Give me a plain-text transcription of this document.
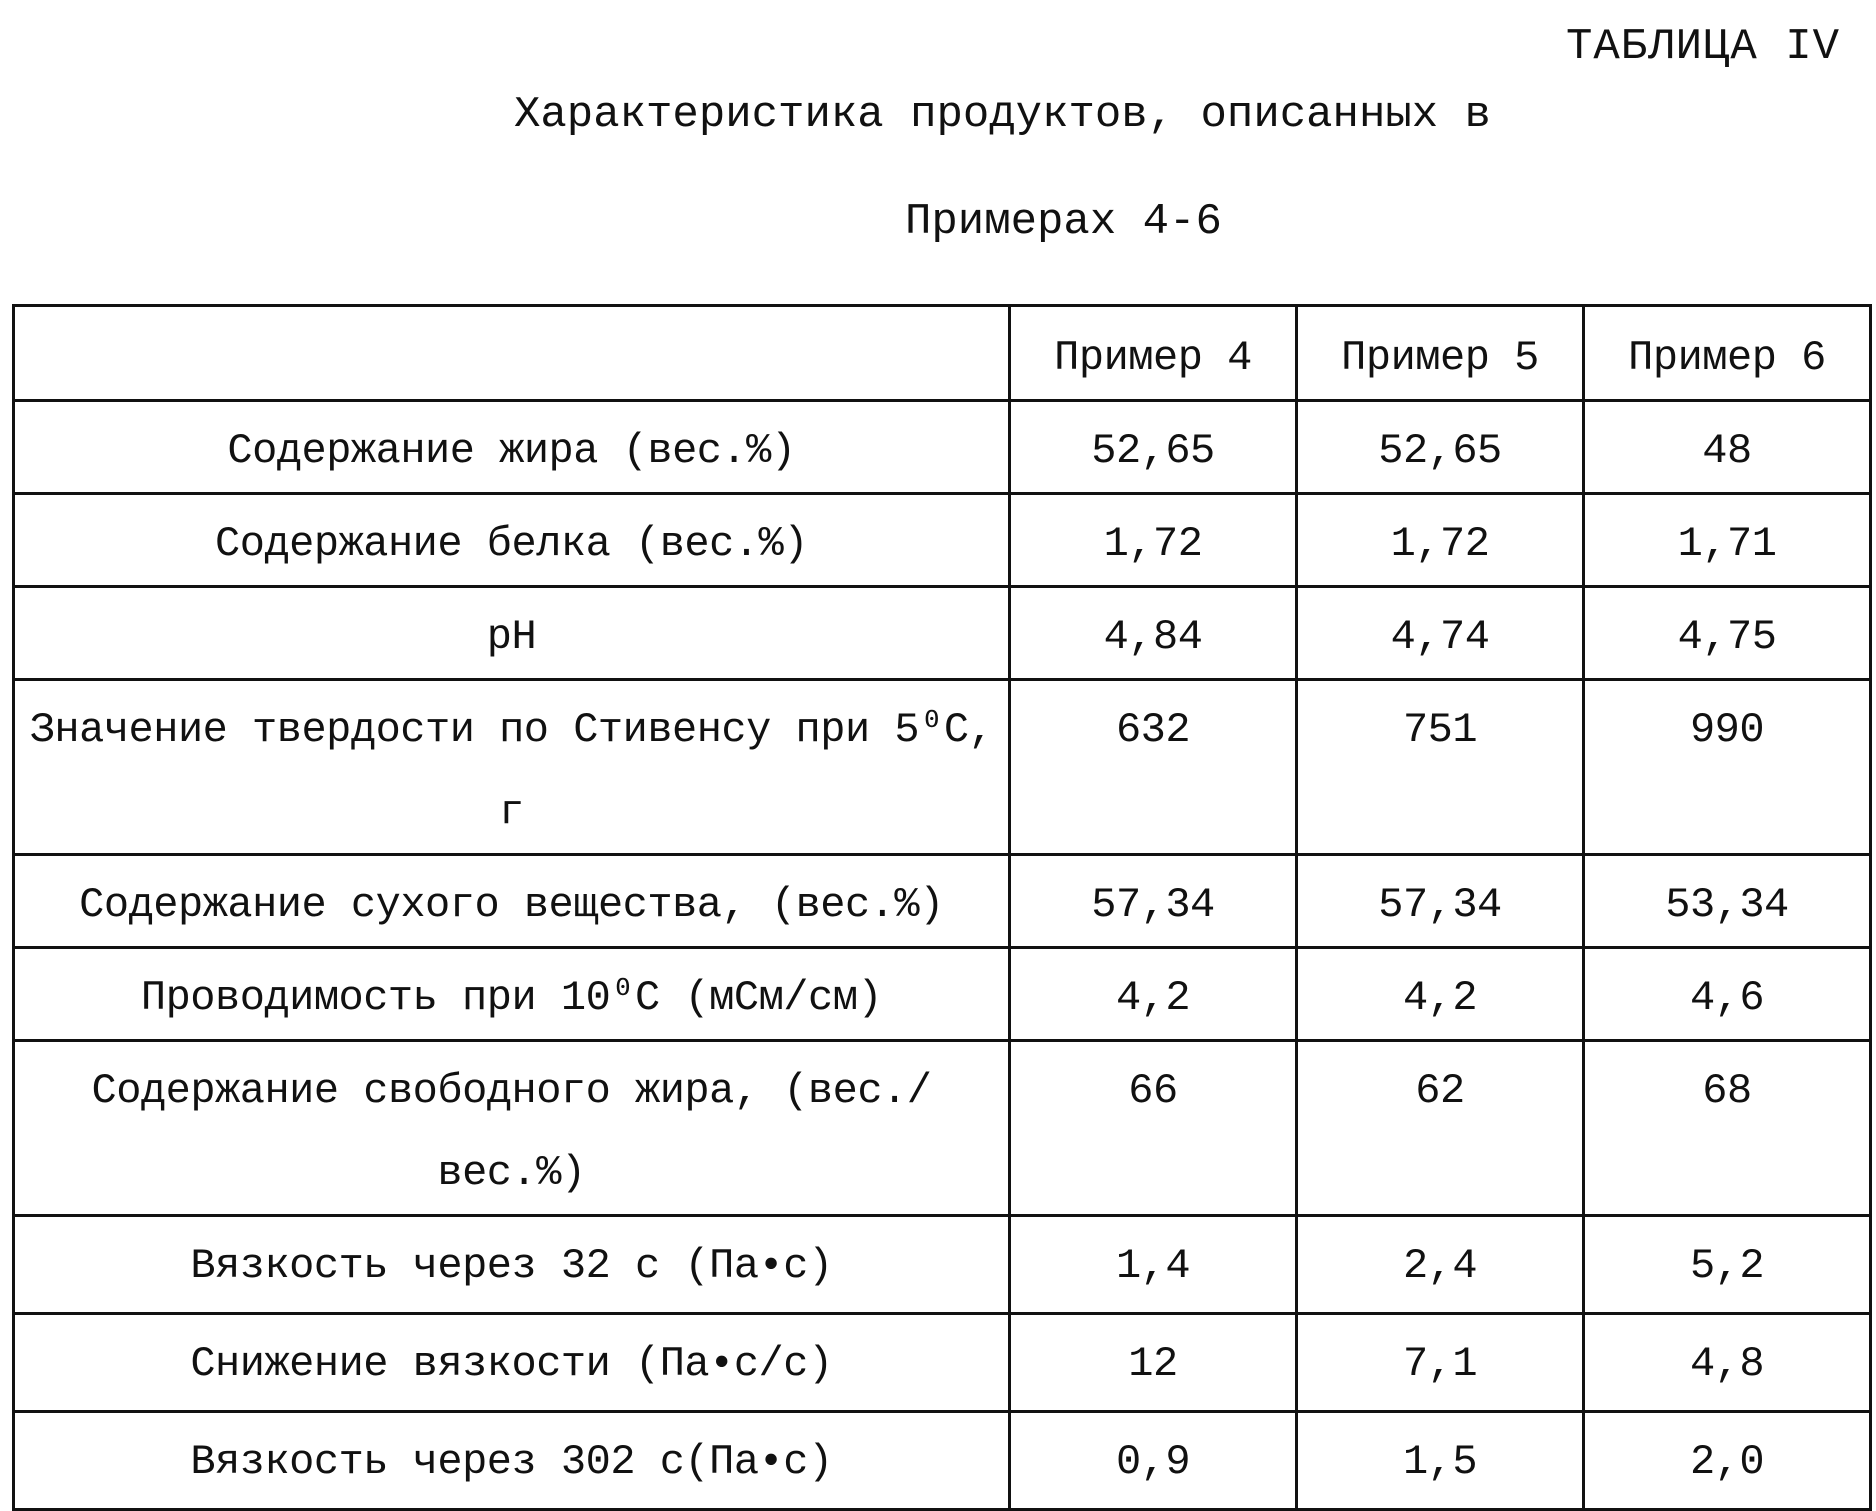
ТАБЛИЦА IV
Характеристика продуктов, описанных в
Примерах 4-6
	Пример 4	Пример 5	Пример 6
Содержание жира (вес.%)	52,65	52,65	48
Содержание белка (вес.%)	1,72	1,72	1,71
pH	4,84	4,74	4,75
Значение твердости по Стивенсу при 5⁰С, г	632	751	990
Содержание сухого вещества, (вес.%)	57,34	57,34	53,34
Проводимость при 10⁰С (мСм/см)	4,2	4,2	4,6
Содержание свободного жира, (вес./вес.%)	66	62	68
Вязкость через 32 с (Па•с)	1,4	2,4	5,2
Снижение вязкости (Па•с/с)	12	7,1	4,8
Вязкость через 302 с(Па•с)	0,9	1,5	2,0
